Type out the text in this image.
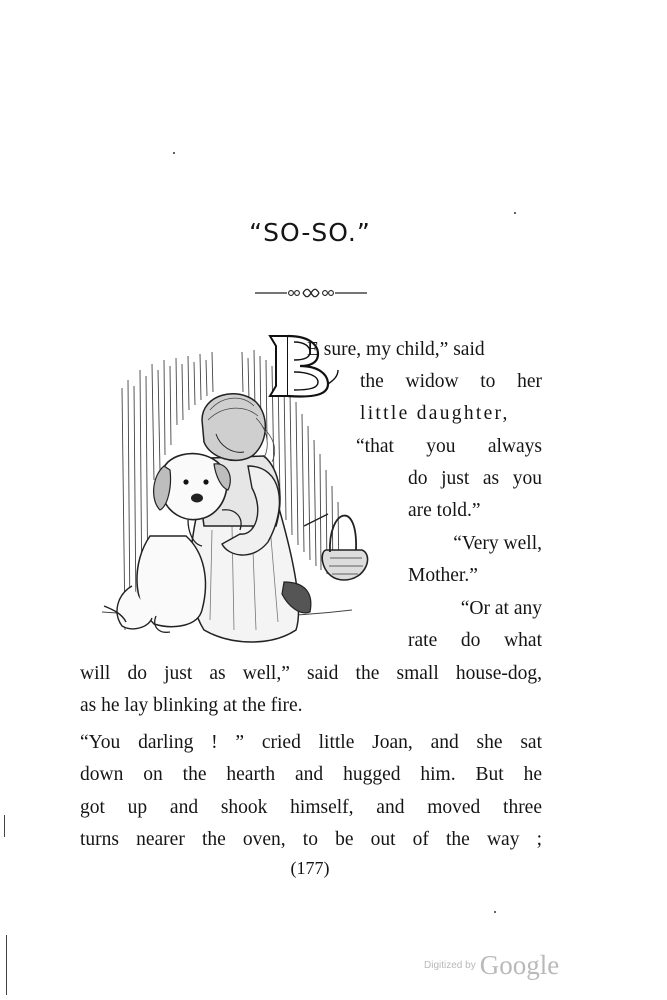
“SO-SO.”
E sure, my child,” said
the widow to her
little daughter,
“that you always
do just as you
are told.”
“Very well,
Mother.”
“Or at any
rate do what
will do just as well,” said the small house-dog,
as he lay blinking at the fire.
“You darling ! ” cried little Joan, and she sat
down on the hearth and hugged him. But he
got up and shook himself, and moved three
turns nearer the oven, to be out of the way ;
(177)
Digitized by Google
